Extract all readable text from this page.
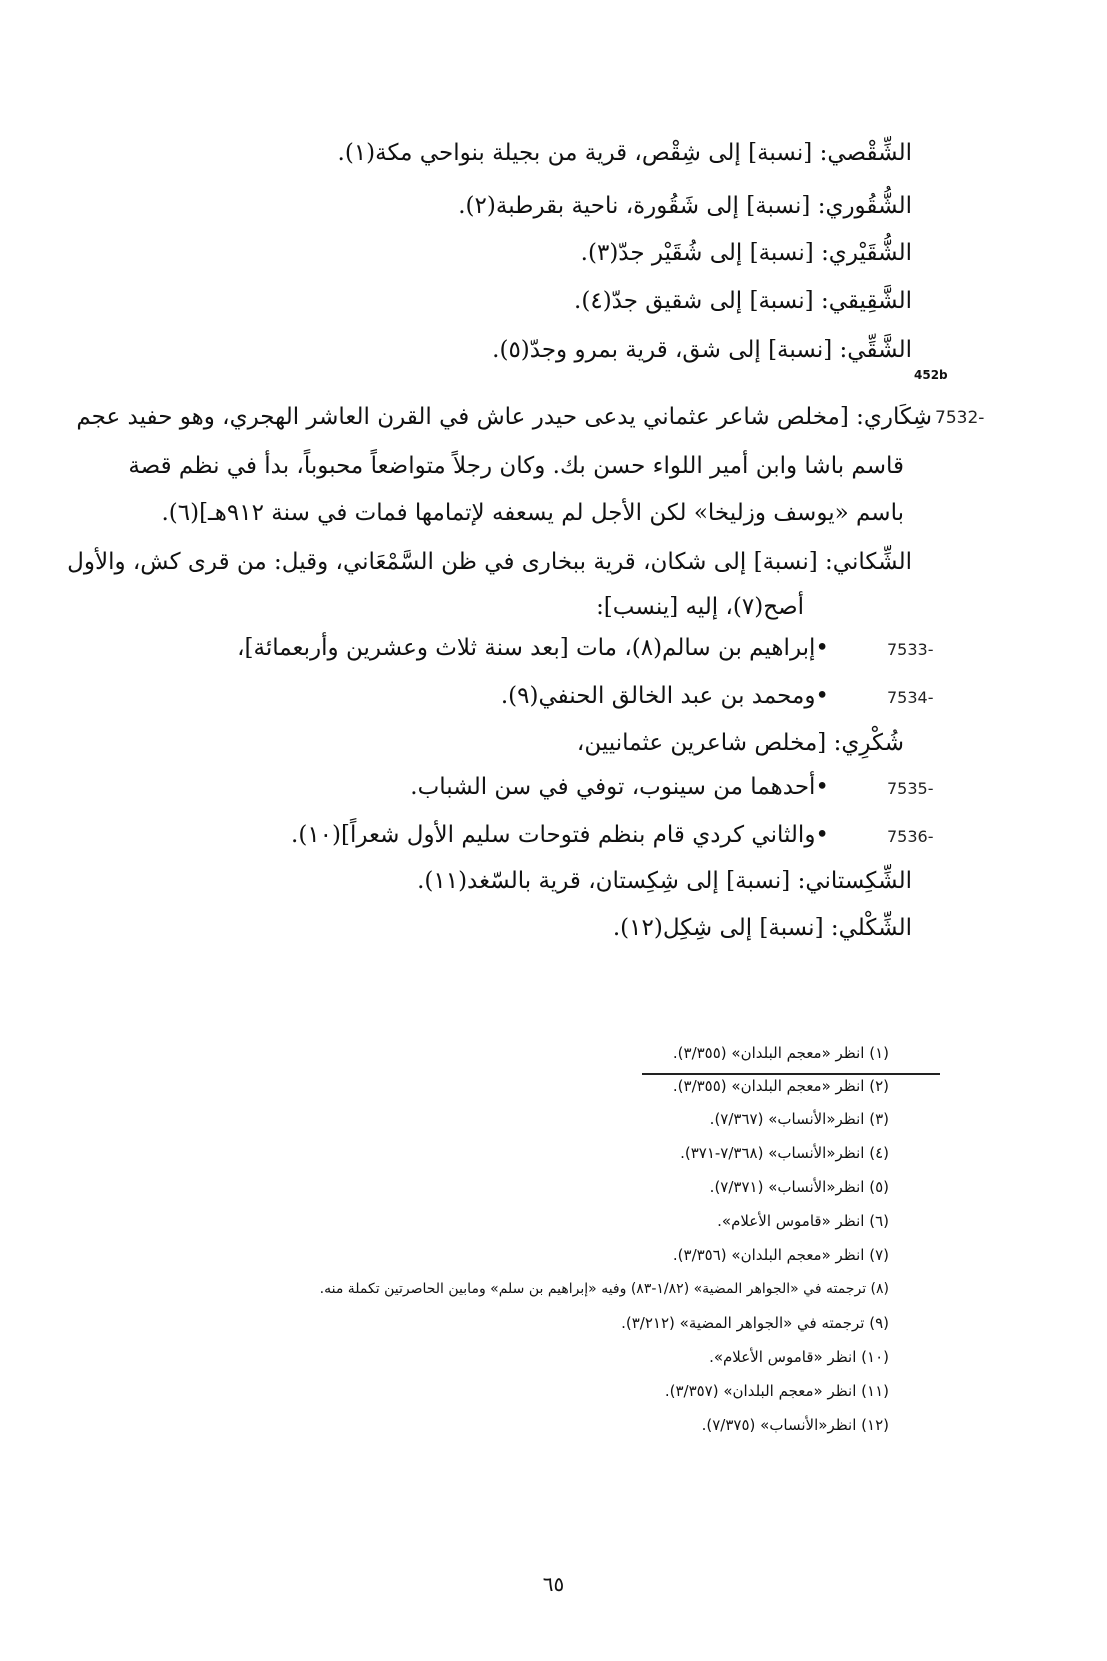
الشِّقْصي: [نسبة] إلى شِقْص، قرية من بجيلة بنواحي مكة(١).
الشُّقُوري: [نسبة] إلى شَقُورة، ناحية بقرطبة(٢).
الشُّقَيْري: [نسبة] إلى شُقَيْر جدّ(٣).
الشَّقِيقي: [نسبة] إلى شقيق جدّ(٤).
الشَّقِّي: [نسبة] إلى شق، قرية بمرو وجدّ(٥).
452b
7532-
شِكَاري: [مخلص شاعر عثماني يدعى حيدر عاش في القرن العاشر الهجري، وهو حفيد عجم
قاسم باشا وابن أمير اللواء حسن بك. وكان رجلاً متواضعاً محبوباً، بدأ في نظم قصة
باسم «يوسف وزليخا» لكن الأجل لم يسعفه لإتمامها فمات في سنة ٩١٢هـ](٦).
الشِّكاني: [نسبة] إلى شكان، قرية ببخارى في ظن السَّمْعَاني، وقيل: من قرى كش، والأول
أصح(٧)، إليه [ينسب]:
7533-
•إبراهيم بن سالم(٨)، مات [بعد سنة ثلاث وعشرين وأربعمائة]،
7534-
•ومحمد بن عبد الخالق الحنفي(٩).
شُكْرِي: [مخلص شاعرين عثمانيين،
7535-
•أحدهما من سينوب، توفي في سن الشباب.
7536-
•والثاني كردي قام بنظم فتوحات سليم الأول شعراً](١٠).
الشِّكِستاني: [نسبة] إلى شِكِستان، قرية بالسّغد(١١).
الشِّكْلي: [نسبة] إلى شِكِل(١٢).
(١) انظر «معجم البلدان» (٣/٣٥٥).
(٢) انظر «معجم البلدان» (٣/٣٥٥).
(٣) انظر«الأنساب» (٧/٣٦٧).
(٤) انظر«الأنساب» (٧/٣٦٨-٣٧١).
(٥) انظر«الأنساب» (٧/٣٧١).
(٦) انظر «قاموس الأعلام».
(٧) انظر «معجم البلدان» (٣/٣٥٦).
(٨) ترجمته في «الجواهر المضية» (١/٨٢-٨٣) وفيه «إبراهيم بن سلم» ومابين الحاصرتين تكملة منه.
(٩) ترجمته في «الجواهر المضية» (٣/٢١٢).
(١٠) انظر «قاموس الأعلام».
(١١) انظر «معجم البلدان» (٣/٣٥٧).
(١٢) انظر«الأنساب» (٧/٣٧٥).
٦٥
